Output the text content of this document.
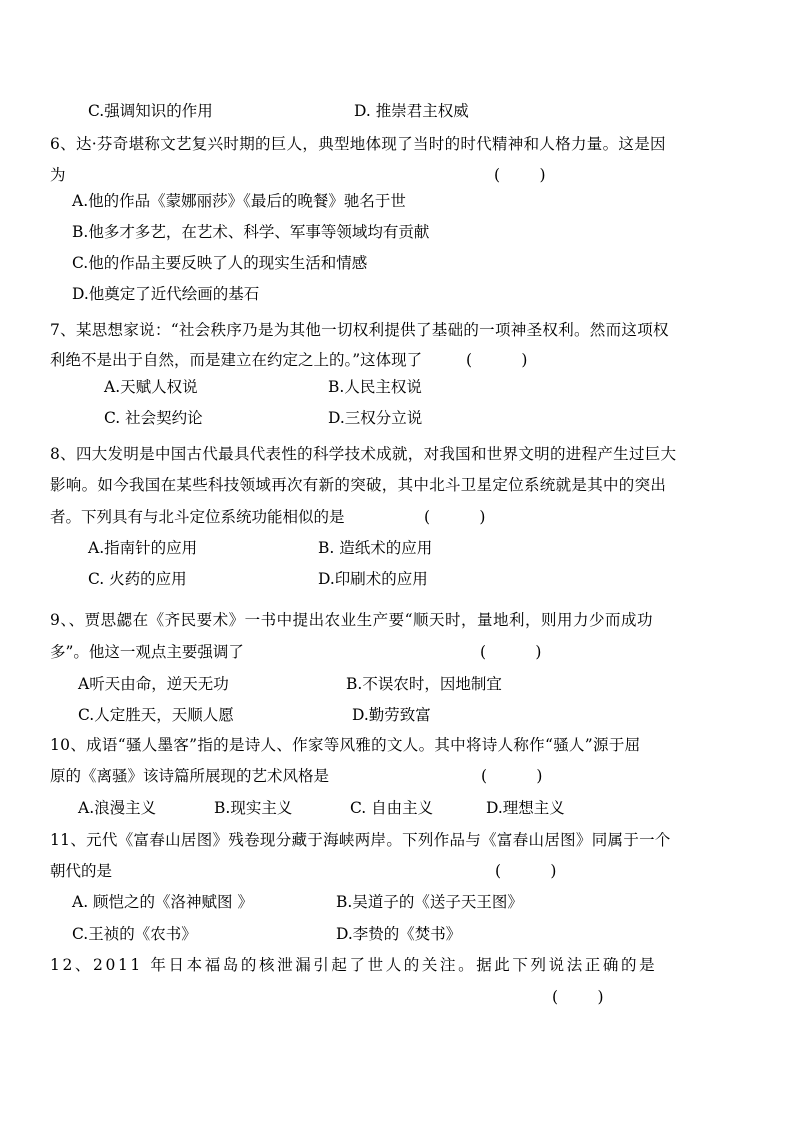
C.强调知识的作用	D. 推崇君主权威
6、达·芬奇堪称文艺复兴时期的巨人，典型地体现了当时的时代精神和人格力量。这是因
为	(        )
A.他的作品《蒙娜丽莎》《最后的晚餐》驰名于世
B.他多才多艺，在艺术、科学、军事等领域均有贡献
C.他的作品主要反映了人的现实生活和情感
D.他奠定了近代绘画的基石
7、某思想家说：“社会秩序乃是为其他一切权利提供了基础的一项神圣权利。然而这项权
利绝不是出于自然，而是建立在约定之上的。”这体现了	(          )
A.天赋人权说	B.人民主权说
C. 社会契约论	D.三权分立说
8、四大发明是中国古代最具代表性的科学技术成就，对我国和世界文明的进程产生过巨大
影响。如今我国在某些科技领域再次有新的突破，其中北斗卫星定位系统就是其中的突出
者。下列具有与北斗定位系统功能相似的是	(          )
A.指南针的应用	B. 造纸术的应用
C. 火药的应用	D.印刷术的应用
9、、贾思勰在《齐民要术》一书中提出农业生产要“顺天时，量地利，则用力少而成功
多”。他这一观点主要强调了	(          )
A听天由命，逆天无功	B.不误农时，因地制宜
C.人定胜天，天顺人愿	D.勤劳致富
10、成语“骚人墨客”指的是诗人、作家等风雅的文人。其中将诗人称作“骚人”源于屈
原的《离骚》该诗篇所展现的艺术风格是	(          )
A.浪漫主义	B.现实主义	C. 自由主义	D.理想主义
11、元代《富春山居图》残卷现分藏于海峡两岸。下列作品与《富春山居图》同属于一个
朝代的是	(          )
A. 顾恺之的《洛神赋图 》	B.吴道子的《送子天王图》
C.王祯的《农书》	D.李贽的《焚书》
12、2011 年日本福岛的核泄漏引起了世人的关注。据此下列说法正确的是
(        )
